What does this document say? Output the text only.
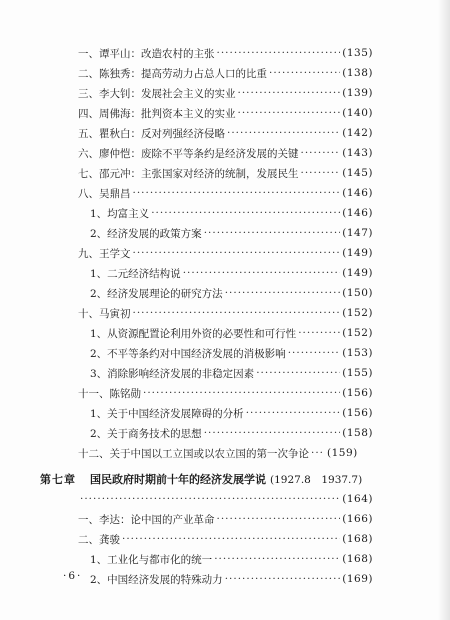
一、谭平山：改造农村的主张 ·····	(135)
二、陈独秀：提高劳动力占总人口的比重 ·····	(138)
三、李大钊：发展社会主义的实业 ·····	(139)
四、周佛海：批判资本主义的实业 ·····	(140)
五、瞿秋白：反对列强经济侵略 ·····	(142)
六、廖仲恺：废除不平等条约是经济发展的关键 ·····	(143)
七、邵元冲：主张国家对经济的统制，发展民生 ·····	(145)
八、吴鼎昌 ·····	(146)
1、均富主义 ·····	(146)
2、经济发展的政策方案 ·····	(147)
九、王学文 ·····	(149)
1、二元经济结构说 ·····	(149)
2、经济发展理论的研究方法 ·····	(150)
十、马寅初 ·····	(152)
1、从资源配置论利用外资的必要性和可行性 ·····	(152)
2、不平等条约对中国经济发展的消极影响 ·····	(153)
3、消除影响经济发展的非稳定因素 ·····	(155)
十一、陈铭勋 ·····	(156)
1、关于中国经济发展障碍的分析 ·····	(156)
2、关于商务技术的思想 ·····	(158)
十二、关于中国以工立国或以农立国的第一次争论 ····· (159)
第七章 国民政府时期前十年的经济发展学说 (1927.8　1937.7)
·····
(164)
一、李达：论中国的产业革命 ·····	(166)
二、龚骏 ·····	(168)
1、工业化与都市化的统一 ·····	(168)
2、中国经济发展的特殊动力 ·····	(169)
·6·
